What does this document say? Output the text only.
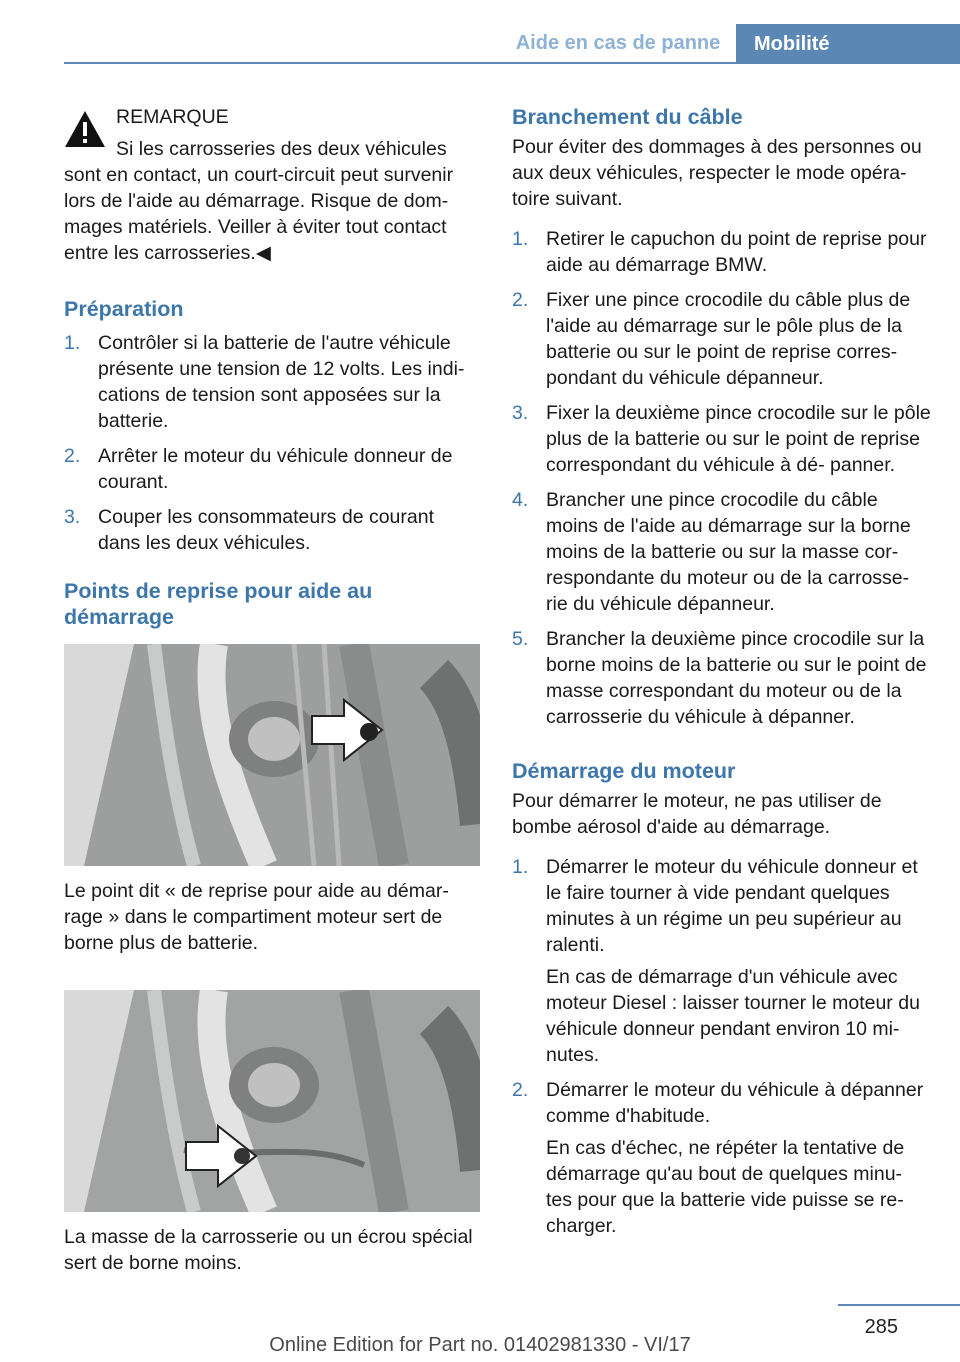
Aide en cas de panne	Mobilité

REMARQUE

Si les carrosseries des deux véhicules sont en contact, un court-circuit peut survenir lors de l'aide au démarrage. Risque de dom‐ mages matériels. Veiller à éviter tout contact entre les carrosseries.◀

Préparation
1. Contrôler si la batterie de l'autre véhicule présente une tension de 12 volts. Les indi‐ cations de tension sont apposées sur la batterie.
2. Arrêter le moteur du véhicule donneur de courant.
3. Couper les consommateurs de courant dans les deux véhicules.
Points de reprise pour aide au démarrage

Le point dit « de reprise pour aide au démar‐ rage » dans le compartiment moteur sert de borne plus de batterie.

La masse de la carrosserie ou un écrou spécial sert de borne moins.

Branchement du câble

Pour éviter des dommages à des personnes ou aux deux véhicules, respecter le mode opéra‐ toire suivant.

1. Retirer le capuchon du point de reprise pour aide au démarrage BMW.
2. Fixer une pince crocodile du câble plus de l'aide au démarrage sur le pôle plus de la batterie ou sur le point de reprise corres‐ pondant du véhicule dépanneur.
3. Fixer la deuxième pince crocodile sur le pôle plus de la batterie ou sur le point de reprise correspondant du véhicule à dé‐ panner.
4. Brancher une pince crocodile du câble moins de l'aide au démarrage sur la borne moins de la batterie ou sur la masse cor‐ respondante du moteur ou de la carrosse‐ rie du véhicule dépanneur.
5. Brancher la deuxième pince crocodile sur la borne moins de la batterie ou sur le point de masse correspondant du moteur ou de la carrosserie du véhicule à dépanner.
Démarrage du moteur

Pour démarrer le moteur, ne pas utiliser de bombe aérosol d'aide au démarrage.

1. Démarrer le moteur du véhicule donneur et le faire tourner à vide pendant quelques minutes à un régime un peu supérieur au ralenti.
En cas de démarrage d'un véhicule avec moteur Diesel : laisser tourner le moteur du véhicule donneur pendant environ 10 mi‐ nutes.
2. Démarrer le moteur du véhicule à dépanner comme d'habitude.
En cas d'échec, ne répéter la tentative de démarrage qu'au bout de quelques minu‐ tes pour que la batterie vide puisse se re‐ charger.
285
Online Edition for Part no. 01402981330 - VI/17
